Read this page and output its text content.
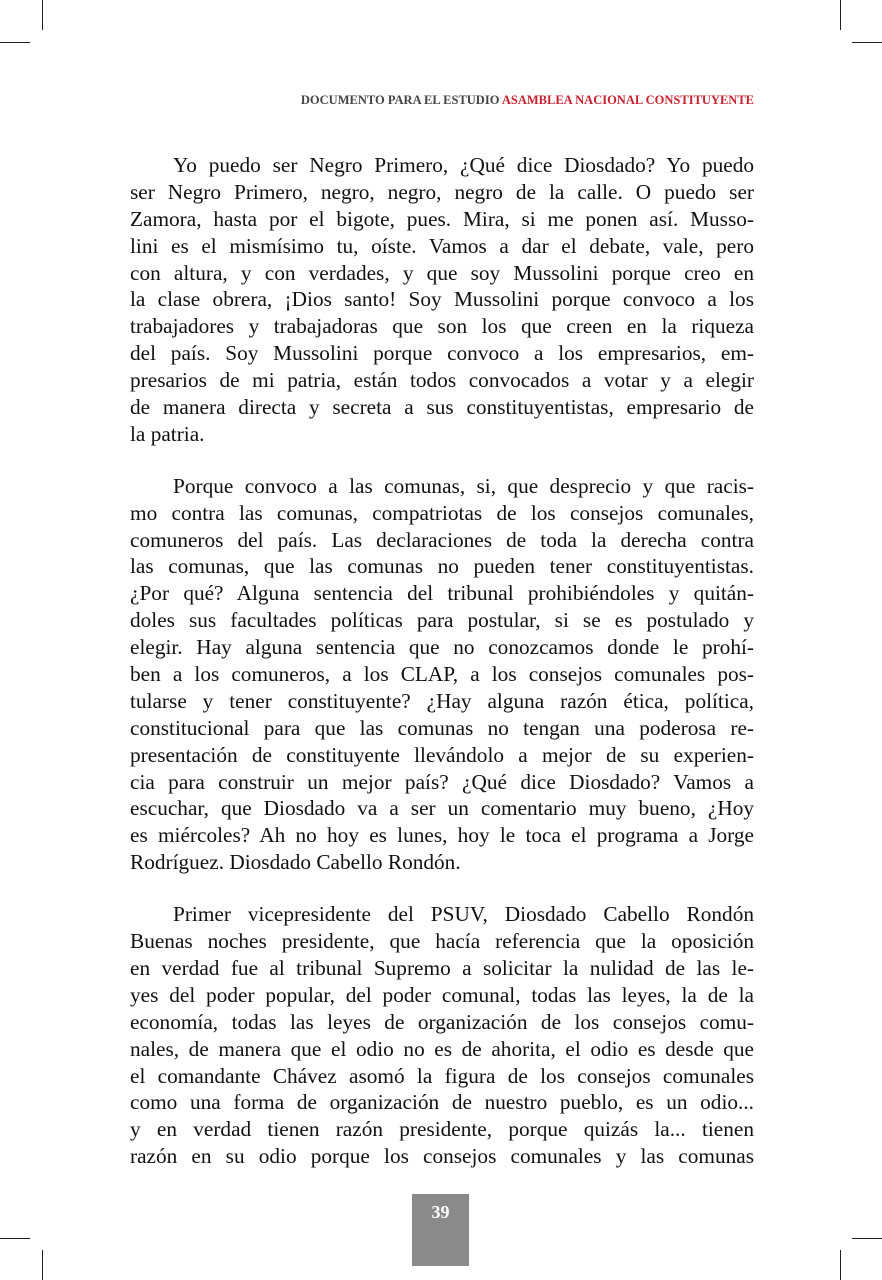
DOCUMENTO PARA EL ESTUDIO ASAMBLEA NACIONAL CONSTITUYENTE
Yo puedo ser Negro Primero, ¿Qué dice Diosdado? Yo puedo
ser Negro Primero, negro, negro, negro de la calle. O puedo ser
Zamora, hasta por el bigote, pues. Mira, si me ponen así. Musso-
lini es el mismísimo tu, oíste. Vamos a dar el debate, vale, pero
con altura, y con verdades, y que soy Mussolini porque creo en
la clase obrera, ¡Dios santo! Soy Mussolini porque convoco a los
trabajadores y trabajadoras que son los que creen en la riqueza
del país. Soy Mussolini porque convoco a los empresarios, em-
presarios de mi patria, están todos convocados a votar y a elegir
de manera directa y secreta a sus constituyentistas, empresario de
la patria.
Porque convoco a las comunas, si, que desprecio y que racis-
mo contra las comunas, compatriotas de los consejos comunales,
comuneros del país. Las declaraciones de toda la derecha contra
las comunas, que las comunas no pueden tener constituyentistas.
¿Por qué? Alguna sentencia del tribunal prohibiéndoles y quitán-
doles sus facultades políticas para postular, si se es postulado y
elegir. Hay alguna sentencia que no conozcamos donde le prohí-
ben a los comuneros, a los CLAP, a los consejos comunales pos-
tularse y tener constituyente? ¿Hay alguna razón ética, política,
constitucional para que las comunas no tengan una poderosa re-
presentación de constituyente llevándolo a mejor de su experien-
cia para construir un mejor país? ¿Qué dice Diosdado? Vamos a
escuchar, que Diosdado va a ser un comentario muy bueno, ¿Hoy
es miércoles? Ah no hoy es lunes, hoy le toca el programa a Jorge
Rodríguez. Diosdado Cabello Rondón.
Primer vicepresidente del PSUV, Diosdado Cabello Rondón
Buenas noches presidente, que hacía referencia que la oposición
en verdad fue al tribunal Supremo a solicitar la nulidad de las le-
yes del poder popular, del poder comunal, todas las leyes, la de la
economía, todas las leyes de organización de los consejos comu-
nales, de manera que el odio no es de ahorita, el odio es desde que
el comandante Chávez asomó la figura de los consejos comunales
como una forma de organización de nuestro pueblo, es un odio...
y en verdad tienen razón presidente, porque quizás la... tienen
razón en su odio porque los consejos comunales y las comunas
39
